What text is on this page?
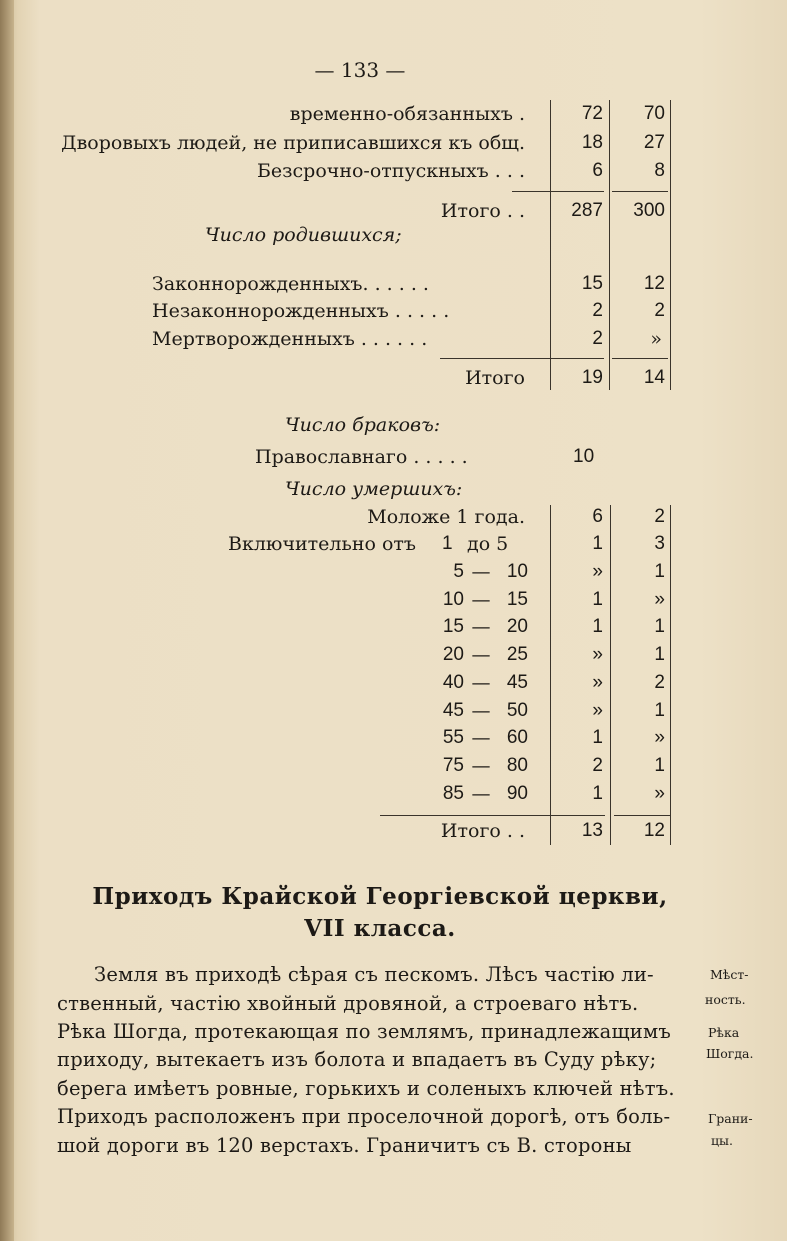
— 133 —
временно-обязанныхъ .	72	70
Дворовыхъ людей, не приписавшихся къ общ.	18	27
Безсрочно-отпускныхъ . . .	6	8
Итого . .	287	300
Число родившихся;
Законнорожденныхъ. . . . . .	15	12
Незаконнорожденныхъ . . . . .	2	2
Мертворожденныхъ . . . . . .	2	»
Итого	19	14
Число браковъ:
Православнаго . . . . .	10
Число умершихъ:
Моложе 1 года.	6	2
Включительно отъ 1 до 5	1	3
5 — 10	»	1
10 — 15	1	»
15 — 20	1	1
20 — 25	»	1
40 — 45	»	2
45 — 50	»	1
55 — 60	1	»
75 — 80	2	1
85 — 90	1	»
Итого . .	13	12
Приходъ Крайской Георгіевской церкви,
VII класса.
Земля въ приходѣ сѣрая съ пескомъ. Лѣсъ частію ли-
ственный, частію хвойный дровяной, а строеваго нѣтъ.
Рѣка Шогда, протекающая по землямъ, принадлежащимъ
приходу, вытекаетъ изъ болота и впадаетъ въ Суду рѣку;
берега имѣетъ ровные, горькихъ и соленыхъ ключей нѣтъ.
Приходъ расположенъ при проселочной дорогѣ, отъ боль-
шой дороги въ 120 верстахъ. Граничитъ съ В. стороны
Мѣст-
ность.
Рѣка
Шогда.
Грани-
цы.
